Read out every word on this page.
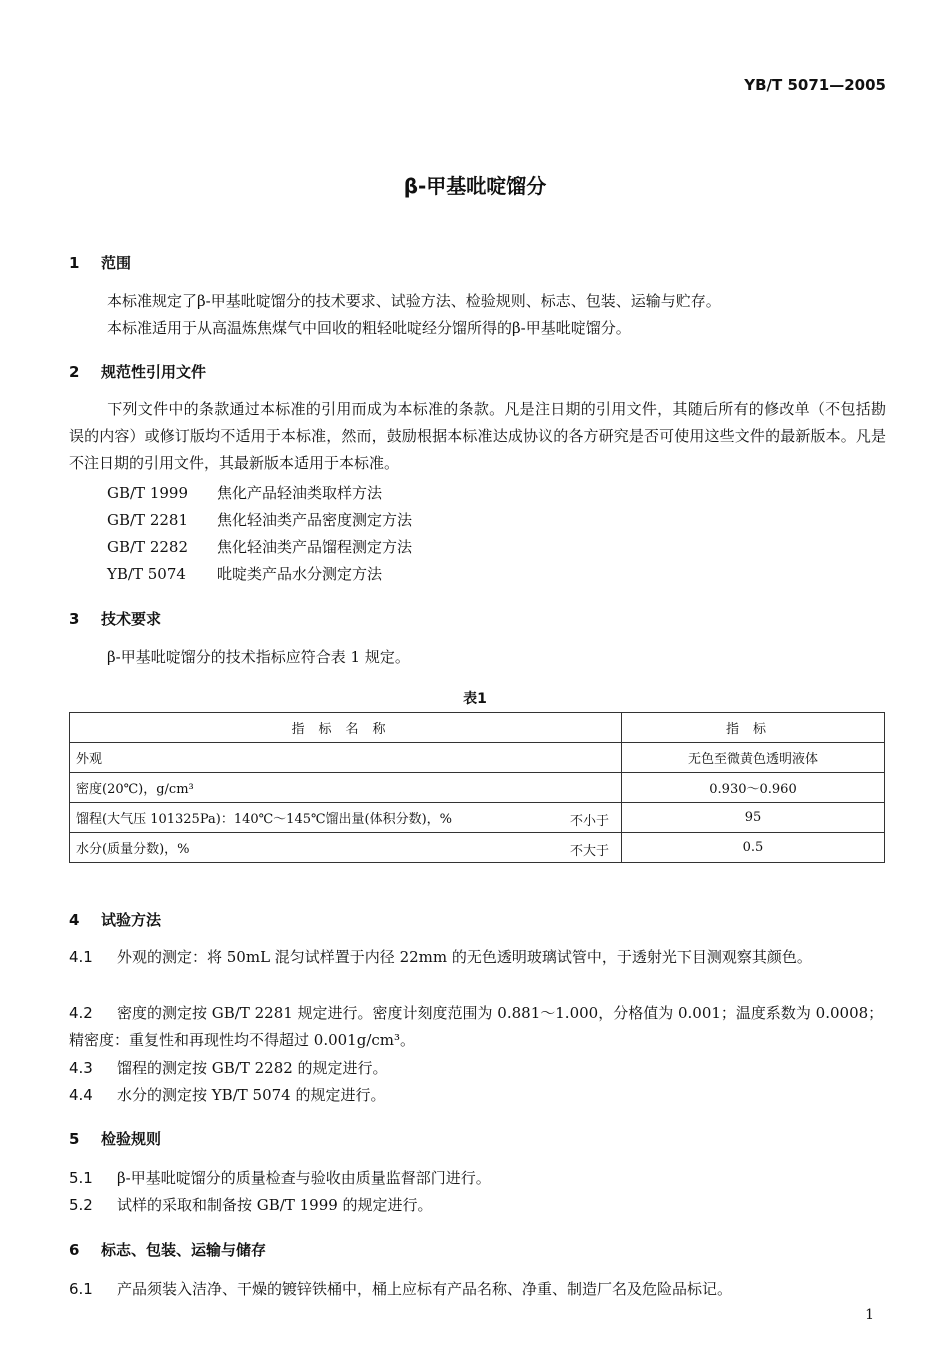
YB/T 5071—2005
β-甲基吡啶馏分
1 范围
本标准规定了β-甲基吡啶馏分的技术要求、试验方法、检验规则、标志、包装、运输与贮存。
本标准适用于从高温炼焦煤气中回收的粗轻吡啶经分馏所得的β-甲基吡啶馏分。
2 规范性引用文件
下列文件中的条款通过本标准的引用而成为本标准的条款。凡是注日期的引用文件，其随后所有的修改单（不包括勘误的内容）或修订版均不适用于本标准，然而，鼓励根据本标准达成协议的各方研究是否可使用这些文件的最新版本。凡是不注日期的引用文件，其最新版本适用于本标准。
GB/T 1999 焦化产品轻油类取样方法
GB/T 2281 焦化轻油类产品密度测定方法
GB/T 2282 焦化轻油类产品馏程测定方法
YB/T 5074 吡啶类产品水分测定方法
3 技术要求
β-甲基吡啶馏分的技术指标应符合表 1 规定。
表1
指标名称	指标
外观	无色至微黄色透明液体
密度(20℃)，g/cm³	0.930～0.960
馏程(大气压 101325Pa)：140℃～145℃馏出量(体积分数)，% 不小于	95
水分(质量分数)，% 不大于	0.5
4 试验方法
4.1 外观的测定：将 50mL 混匀试样置于内径 22mm 的无色透明玻璃试管中，于透射光下目测观察其颜色。
4.2 密度的测定按 GB/T 2281 规定进行。密度计刻度范围为 0.881～1.000，分格值为 0.001；温度系数为 0.0008；精密度：重复性和再现性均不得超过 0.001g/cm³。
4.3 馏程的测定按 GB/T 2282 的规定进行。
4.4 水分的测定按 YB/T 5074 的规定进行。
5 检验规则
5.1 β-甲基吡啶馏分的质量检查与验收由质量监督部门进行。
5.2 试样的采取和制备按 GB/T 1999 的规定进行。
6 标志、包装、运输与储存
6.1 产品须装入洁净、干燥的镀锌铁桶中，桶上应标有产品名称、净重、制造厂名及危险品标记。
1
